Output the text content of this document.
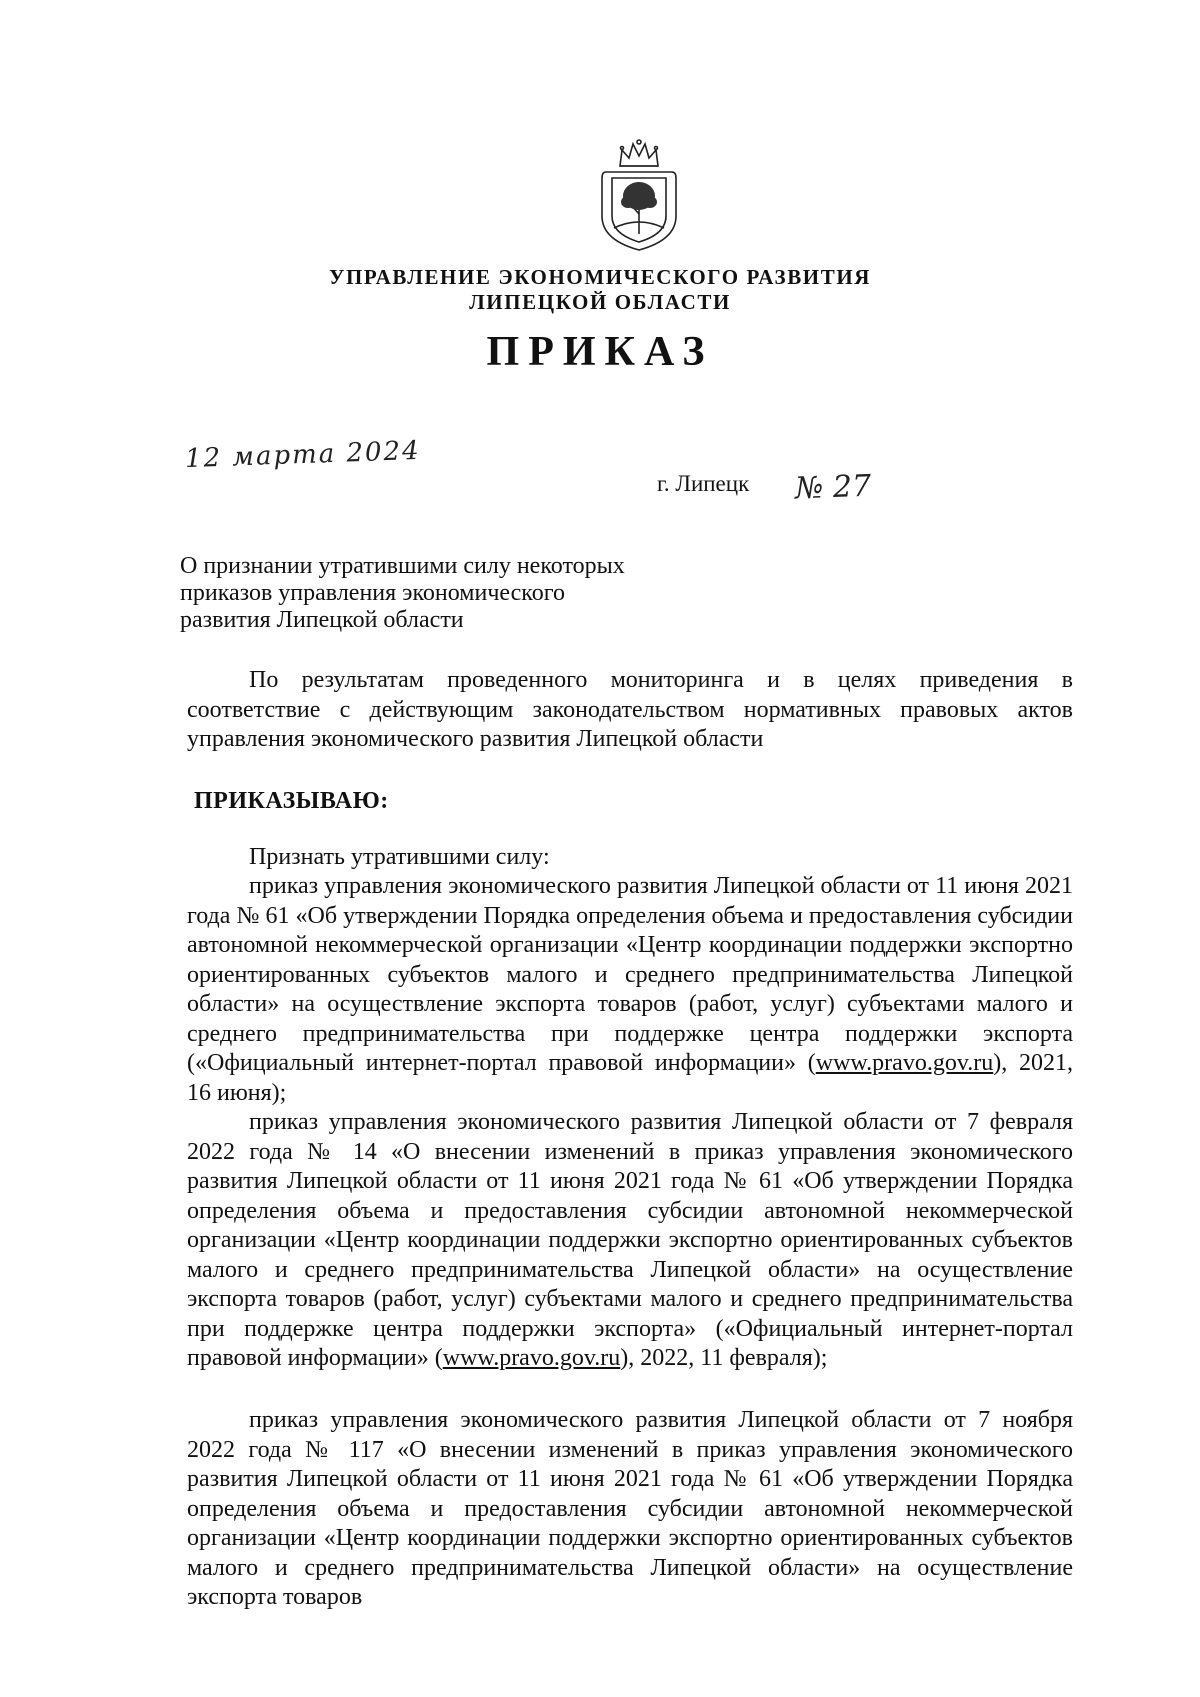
УПРАВЛЕНИЕ ЭКОНОМИЧЕСКОГО РАЗВИТИЯ
ЛИПЕЦКОЙ ОБЛАСТИ
ПРИКАЗ
12 марта 2024
г. Липецк № 27
О признании утратившими силу некоторых
приказов управления экономического
развития Липецкой области
По результатам проведенного мониторинга и в целях приведения в соответствие с действующим законодательством нормативных правовых актов управления экономического развития Липецкой области
ПРИКАЗЫВАЮ:
Признать утратившими силу:
приказ управления экономического развития Липецкой области от 11 июня 2021 года № 61 «Об утверждении Порядка определения объема и предоставления субсидии автономной некоммерческой организации «Центр координации поддержки экспортно ориентированных субъектов малого и среднего предпринимательства Липецкой области» на осуществление экспорта товаров (работ, услуг) субъектами малого и среднего предпринимательства при поддержке центра поддержки экспорта («Официальный интернет-портал правовой информации» (www.pravo.gov.ru), 2021, 16 июня);
приказ управления экономического развития Липецкой области от 7 февраля 2022 года № 14 «О внесении изменений в приказ управления экономического развития Липецкой области от 11 июня 2021 года № 61 «Об утверждении Порядка определения объема и предоставления субсидии автономной некоммерческой организации «Центр координации поддержки экспортно ориентированных субъектов малого и среднего предпринимательства Липецкой области» на осуществление экспорта товаров (работ, услуг) субъектами малого и среднего предпринимательства при поддержке центра поддержки экспорта» («Официальный интернет-портал правовой информации» (www.pravo.gov.ru), 2022, 11 февраля);
приказ управления экономического развития Липецкой области от 7 ноября 2022 года № 117 «О внесении изменений в приказ управления экономического развития Липецкой области от 11 июня 2021 года № 61 «Об утверждении Порядка определения объема и предоставления субсидии автономной некоммерческой организации «Центр координации поддержки экспортно ориентированных субъектов малого и среднего предпринимательства Липецкой области» на осуществление экспорта товаров
